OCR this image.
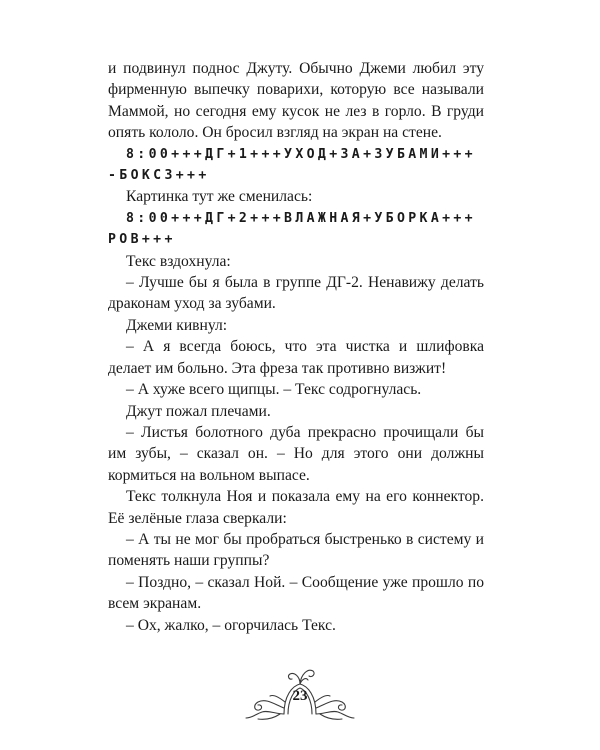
и подвинул поднос Джуту. Обычно Джеми любил эту фирменную выпечку поварихи, которую все называли Маммой, но сегодня ему кусок не лез в горло. В груди опять кололо. Он бросил взгляд на экран на стене.

8:00+++ДГ+1+++УХОД+ЗА+ЗУБАМИ+++-БОКС3+++

Картинка тут же сменилась:

8:00+++ДГ+2+++ВЛАЖНАЯ+УБОРКА+++РОВ+++

Текс вздохнула:

– Лучше бы я была в группе ДГ-2. Ненавижу делать драконам уход за зубами.

Джеми кивнул:

– А я всегда боюсь, что эта чистка и шлифовка делает им больно. Эта фреза так противно визжит!

– А хуже всего щипцы. – Текс содрогнулась.

Джут пожал плечами.

– Листья болотного дуба прекрасно прочищали бы им зубы, – сказал он. – Но для этого они должны кормиться на вольном выпасе.

Текс толкнула Ноя и показала ему на его коннектор. Её зелёные глаза сверкали:

– А ты не мог бы пробраться быстренько в систему и поменять наши группы?

– Поздно, – сказал Ной. – Сообщение уже прошло по всем экранам.

– Ох, жалко, – огорчилась Текс.

23
